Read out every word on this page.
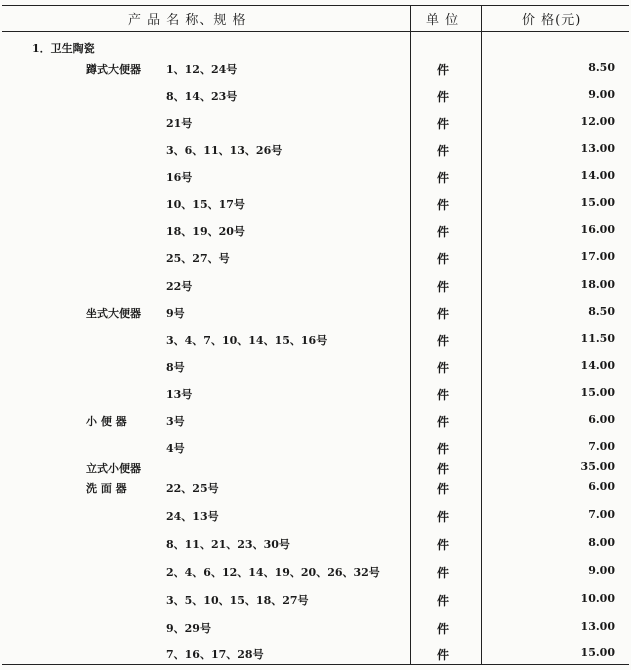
产 品 名 称、规 格	单 位	价 格(元)
1．卫生陶瓷
蹲式大便器 1、12、24号	件	8.50
8、14、23号	件	9.00
21号	件	12.00
3、6、11、13、26号	件	13.00
16号	件	14.00
10、15、17号	件	15.00
18、19、20号	件	16.00
25、27、号	件	17.00
22号	件	18.00
坐式大便器 9号	件	8.50
3、4、7、10、14、15、16号	件	11.50
8号	件	14.00
13号	件	15.00
小 便 器	3号	件	6.00
4号	件	7.00
立式小便器	件	35.00
洗 面 器	22、25号	件	6.00
24、13号	件	7.00
8、11、21、23、30号	件	8.00
2、4、6、12、14、19、20、26、32号	件	9.00
3、5、10、15、18、27号	件	10.00
9、29号	件	13.00
7、16、17、28号	件	15.00
